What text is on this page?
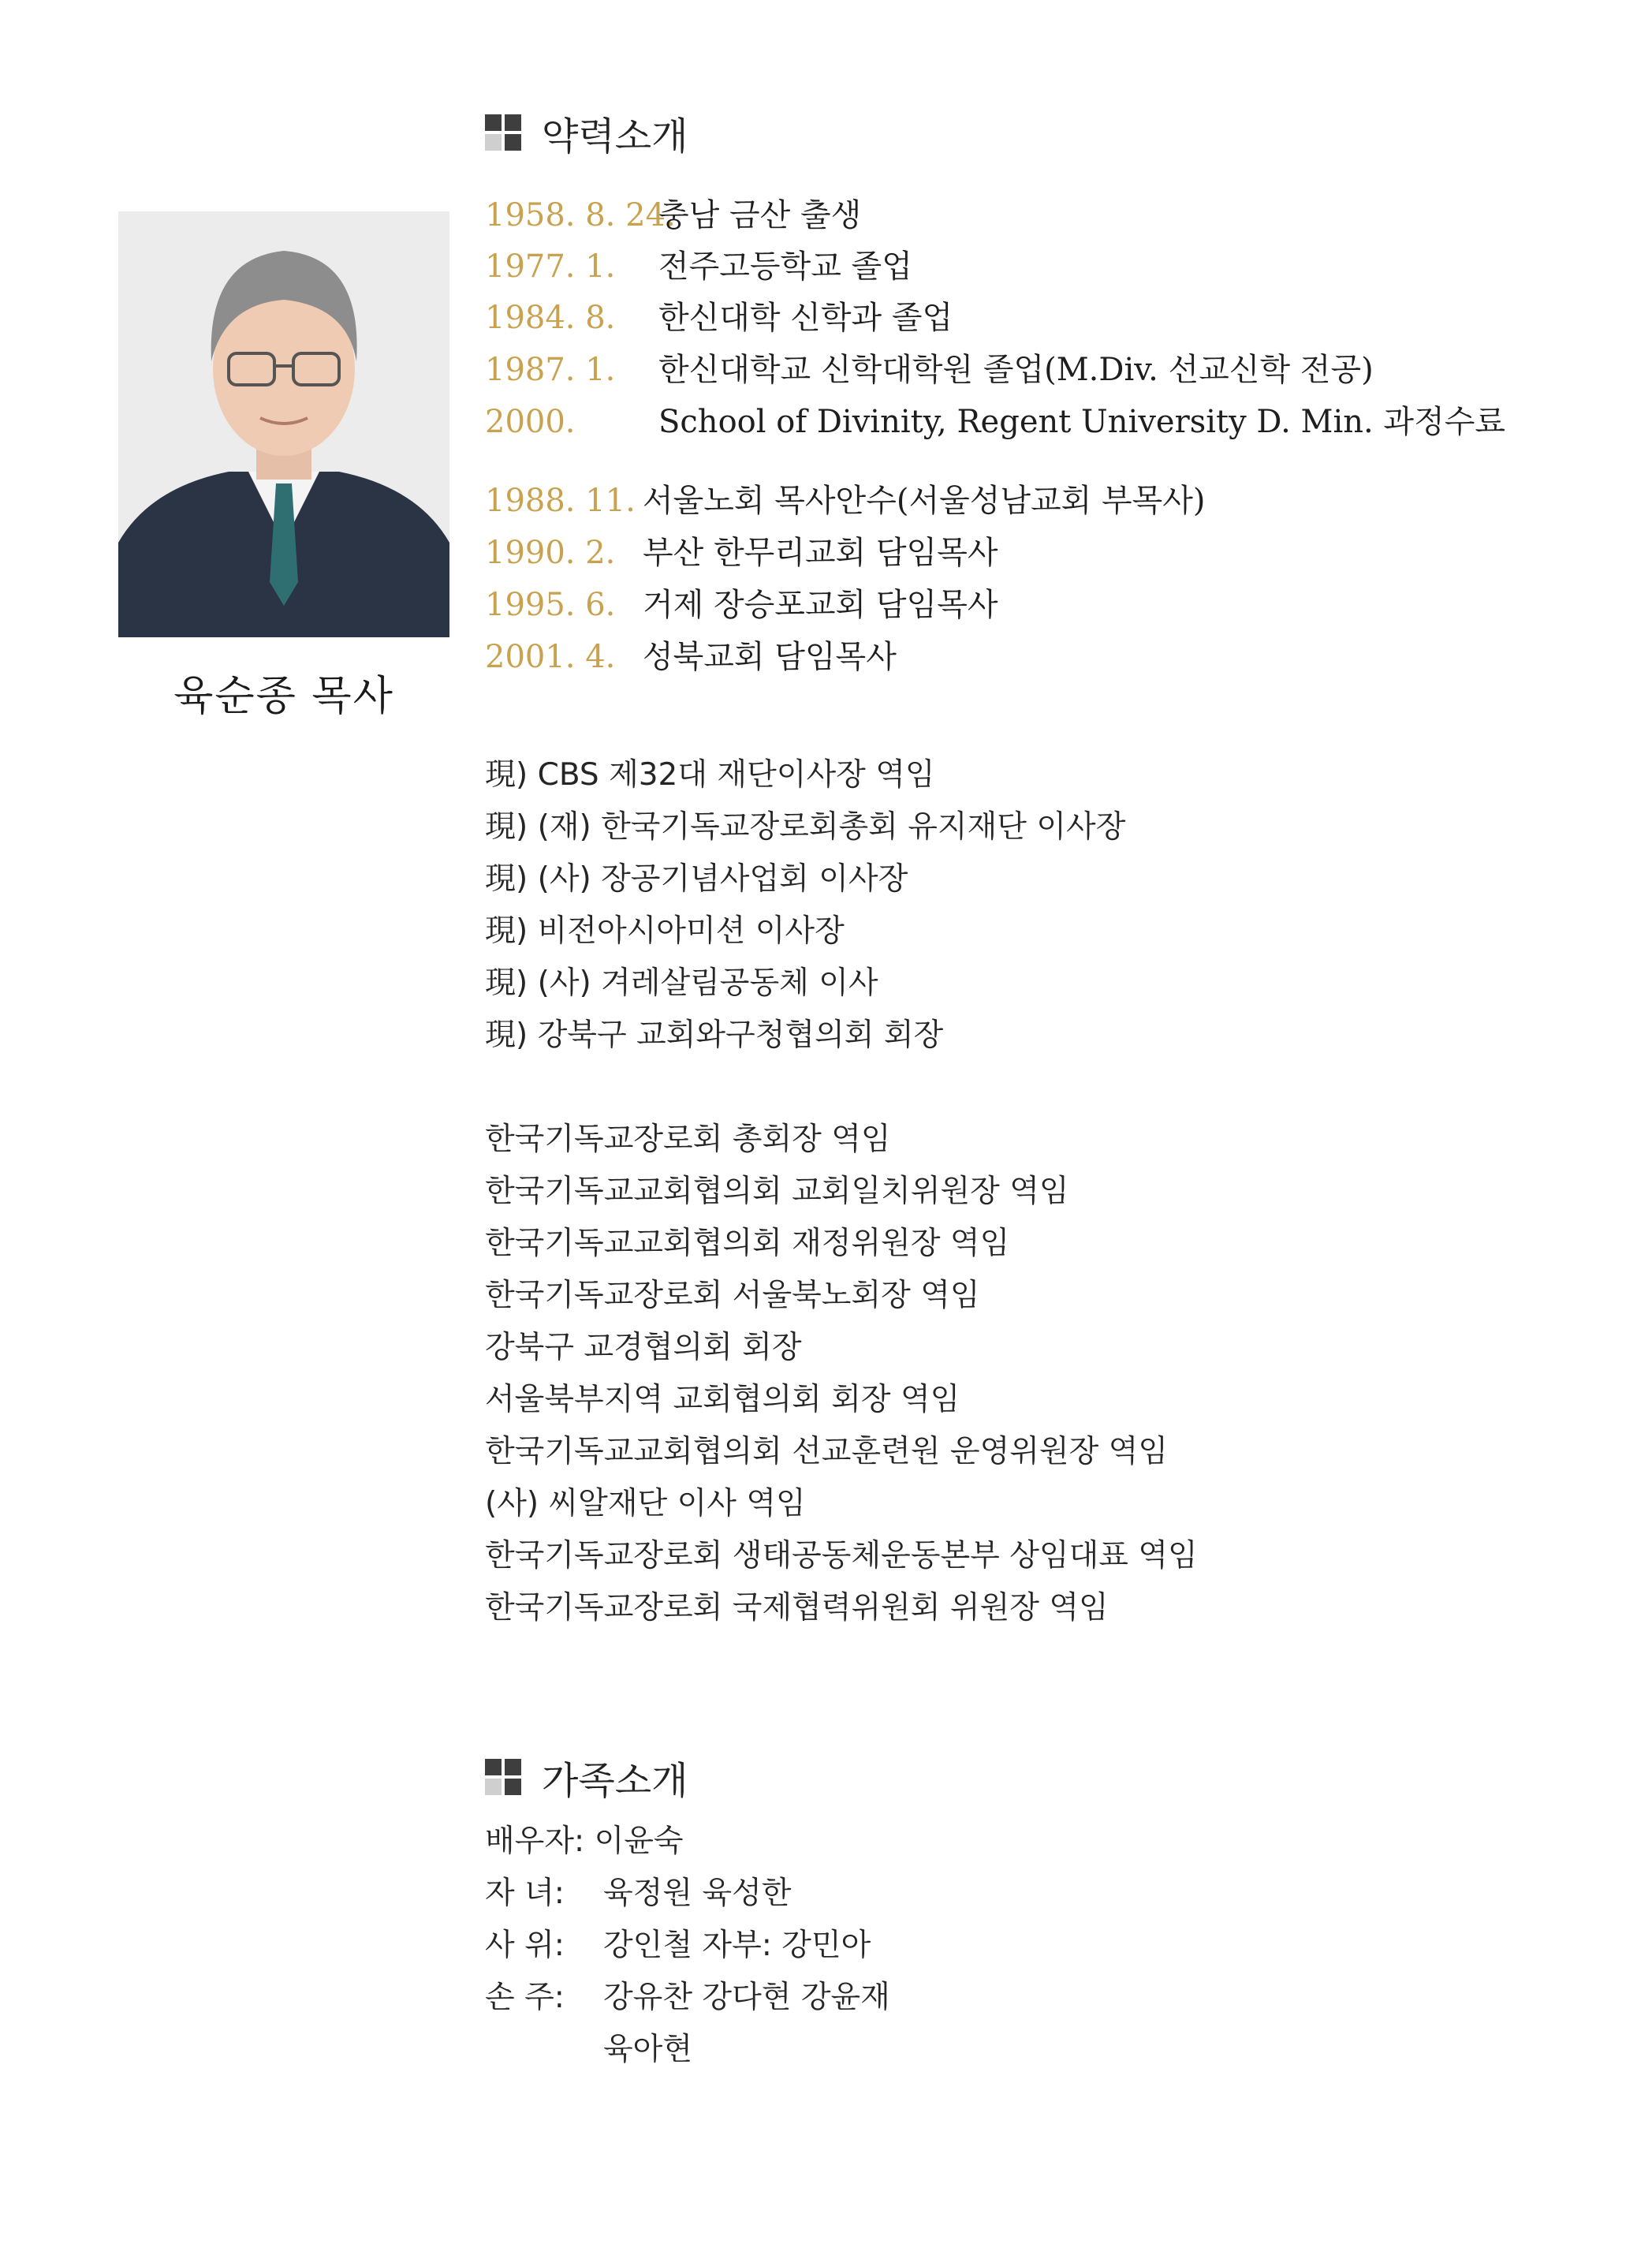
육순종 목사
약력소개
1958. 8. 24.충남 금산 출생
1977. 1. 전주고등학교 졸업
1984. 8. 한신대학 신학과 졸업
1987. 1. 한신대학교 신학대학원 졸업(M.Div. 선교신학 전공)
2000.	School of Divinity, Regent University D. Min. 과정수료
1988. 11. 서울노회 목사안수(서울성남교회 부목사)
1990. 2. 부산 한무리교회 담임목사
1995. 6. 거제 장승포교회 담임목사
2001. 4. 성북교회 담임목사
現) CBS 제32대 재단이사장 역임
現) (재) 한국기독교장로회총회 유지재단 이사장
現) (사) 장공기념사업회 이사장
現) 비전아시아미션 이사장
現) (사) 겨레살림공동체 이사
現) 강북구 교회와구청협의회 회장
한국기독교장로회 총회장 역임
한국기독교교회협의회 교회일치위원장 역임
한국기독교교회협의회 재정위원장 역임
한국기독교장로회 서울북노회장 역임
강북구 교경협의회 회장
서울북부지역 교회협의회 회장 역임
한국기독교교회협의회 선교훈련원 운영위원장 역임
(사) 씨알재단 이사 역임
한국기독교장로회 생태공동체운동본부 상임대표 역임
한국기독교장로회 국제협력위원회 위원장 역임
가족소개
배우자: 이윤숙
자 녀: 육정원 육성한
사 위: 강인철 자부: 강민아
손 주: 강유찬 강다현 강윤재
육아현
